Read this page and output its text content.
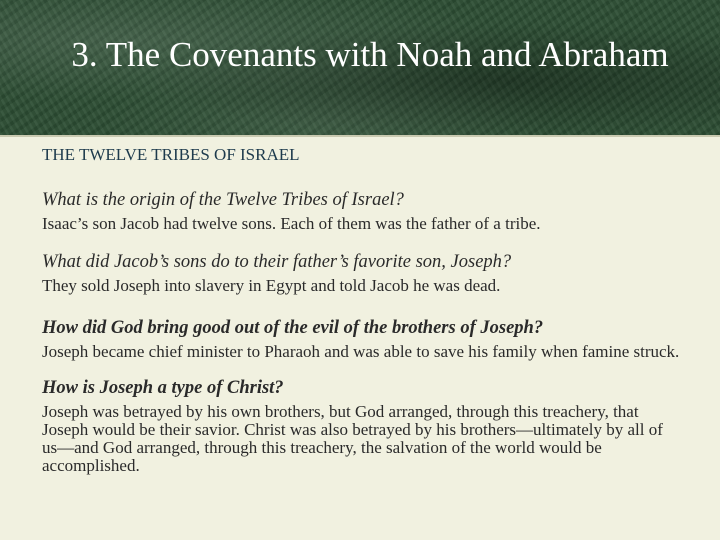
3. The Covenants with Noah and Abraham

THE TWELVE TRIBES OF ISRAEL

What is the origin of the Twelve Tribes of Israel?

Isaac’s son Jacob had twelve sons. Each of them was the father of a tribe.

What did Jacob’s sons do to their father’s favorite son, Joseph?

They sold Joseph into slavery in Egypt and told Jacob he was dead.

How did God bring good out of the evil of the brothers of Joseph?

Joseph became chief minister to Pharaoh and was able to save his family when famine struck.

How is Joseph a type of Christ?

Joseph was betrayed by his own brothers, but God arranged, through this treachery, that Joseph would be their savior. Christ was also betrayed by his brothers—ultimately by all of us—and God arranged, through this treachery, the salvation of the world would be accomplished.
